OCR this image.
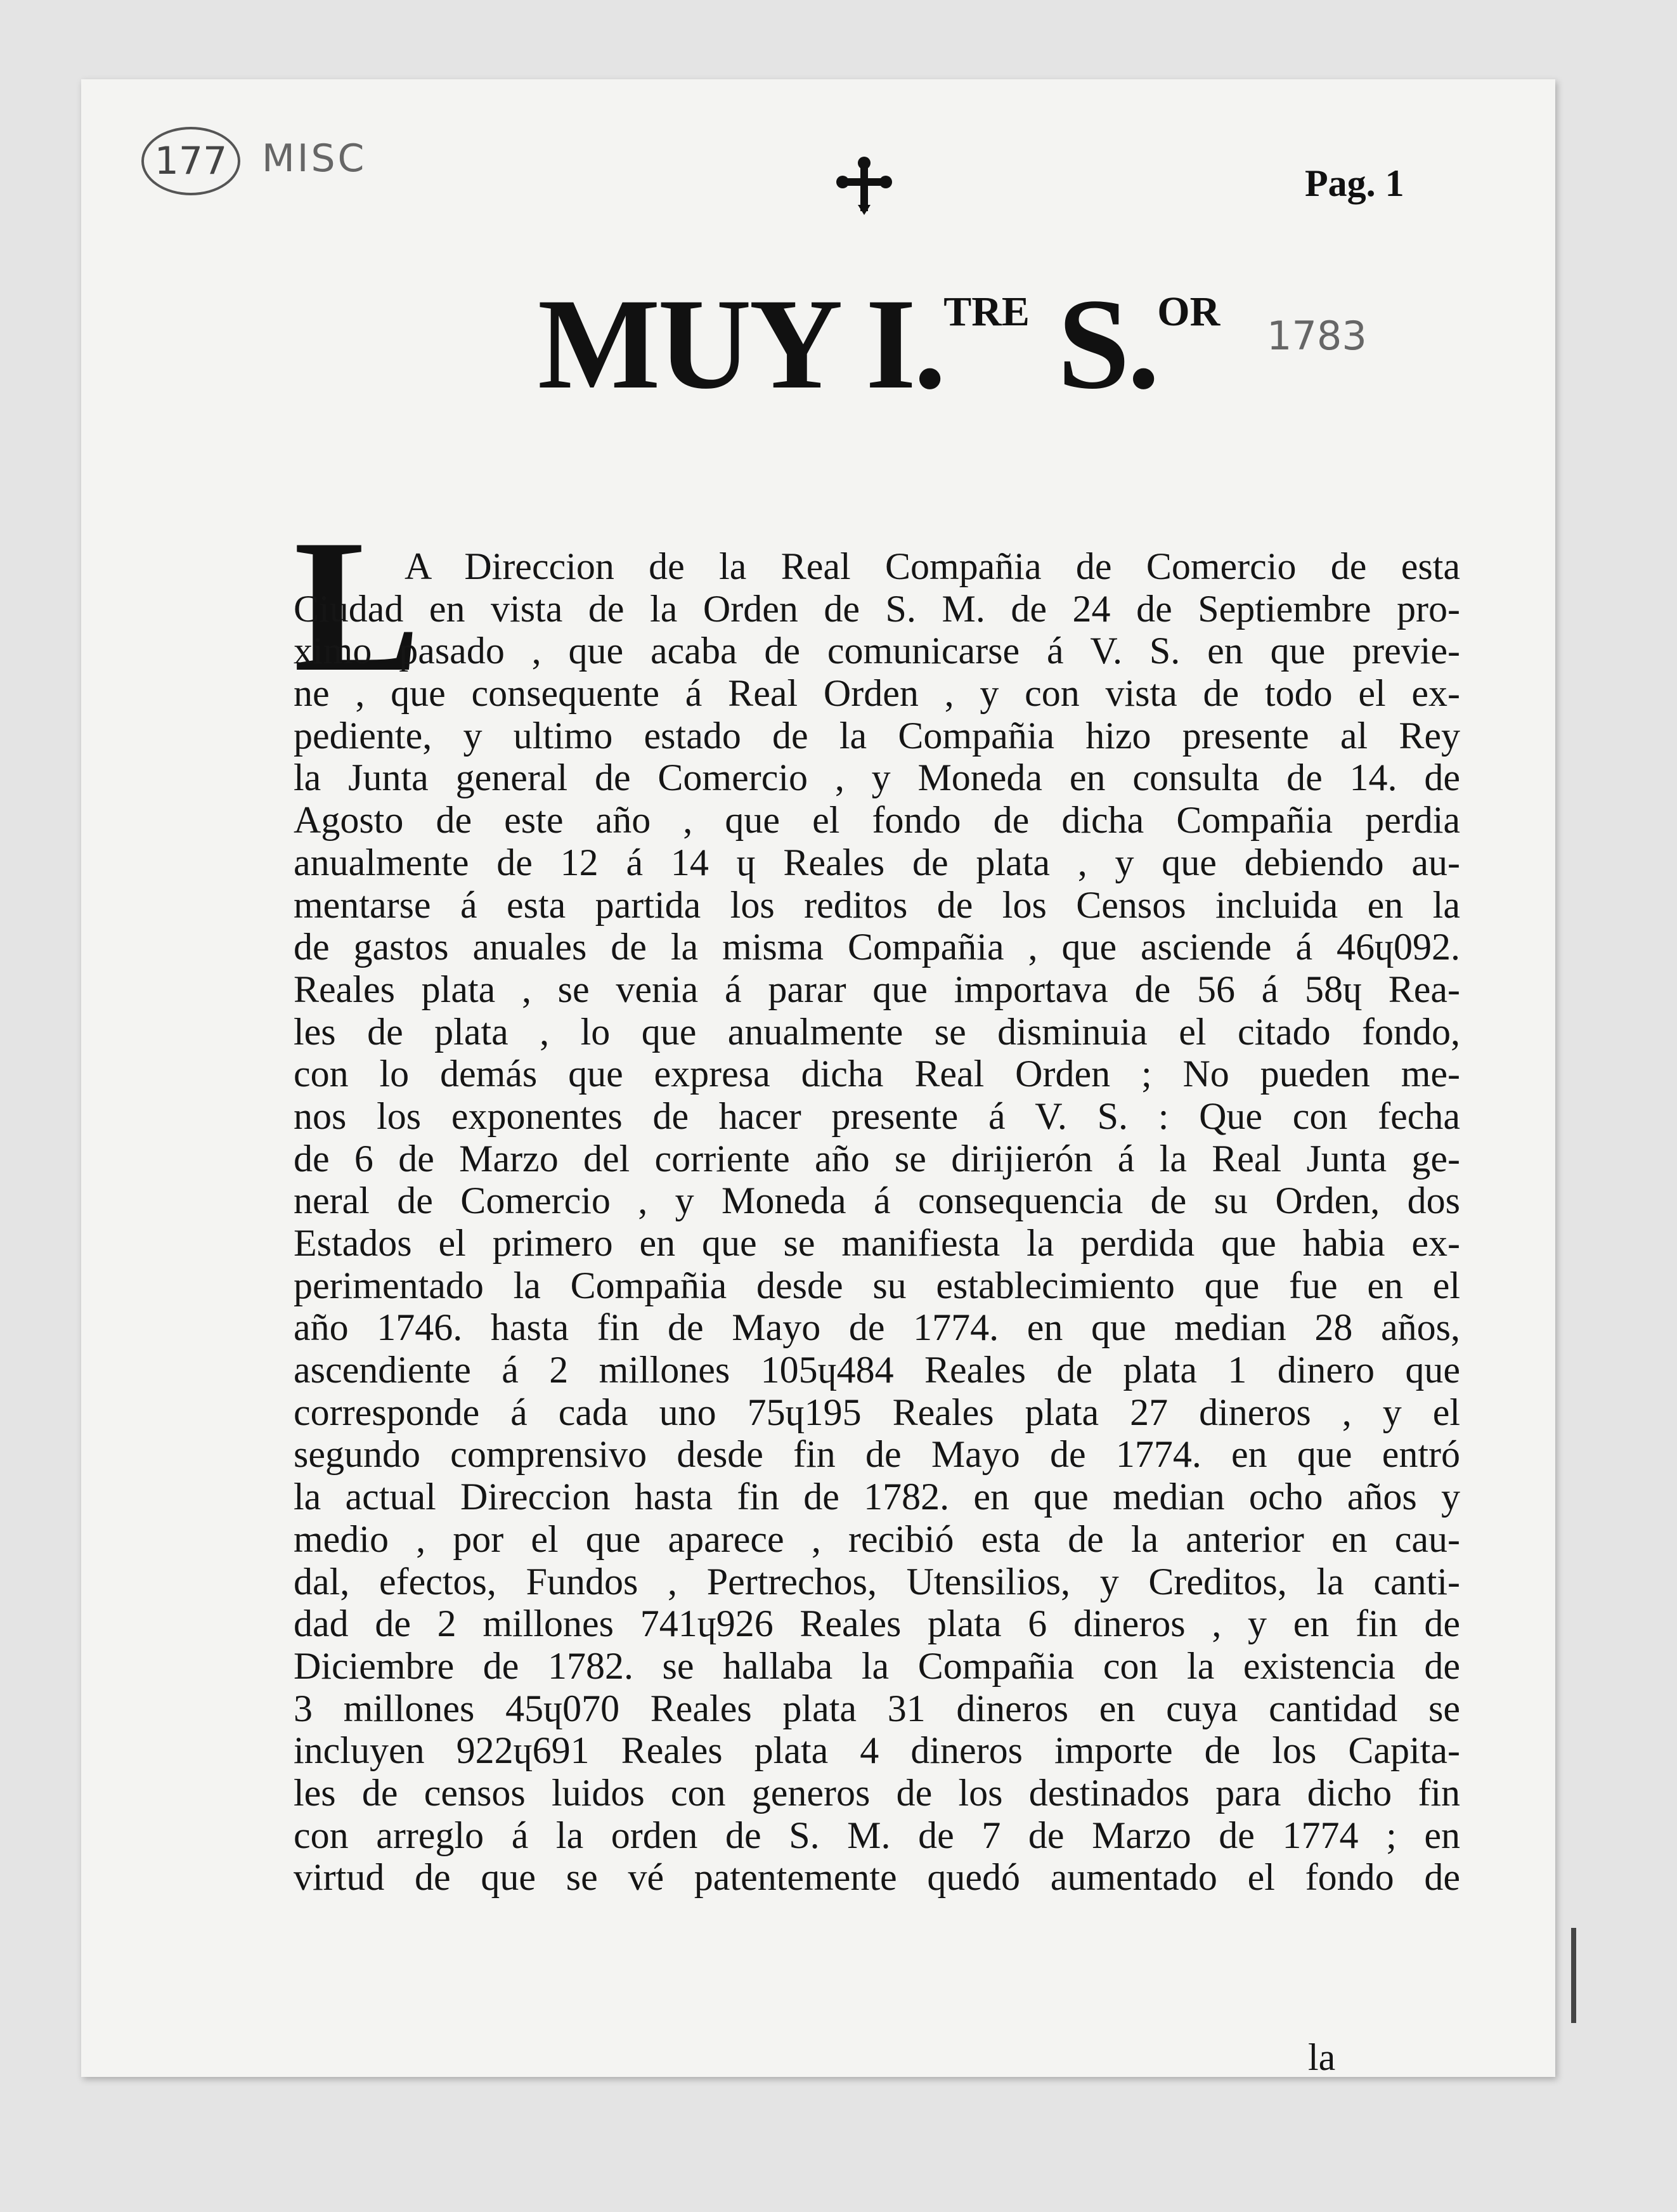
177 MISC
Pag. 1
MUY I.TRE S.OR
1783
L
A Direccion de la Real Compañia de Comercio de esta
Ciudad en vista de la Orden de S. M. de 24 de Septiembre pro-
ximo pasado , que acaba de comunicarse á V. S. en que previe-
ne , que consequente á Real Orden , y con vista de todo el ex-
pediente, y ultimo estado de la Compañia hizo presente al Rey
la Junta general de Comercio , y Moneda en consulta de 14. de
Agosto de este año , que el fondo de dicha Compañia perdia
anualmente de 12 á 14 ɥ Reales de plata , y que debiendo au-
mentarse á esta partida los reditos de los Censos incluida en la
de gastos anuales de la misma Compañia , que asciende á 46ɥ092.
Reales plata , se venia á parar que importava de 56 á 58ɥ Rea-
les de plata , lo que anualmente se disminuia el citado fondo,
con lo demás que expresa dicha Real Orden ; No pueden me-
nos los exponentes de hacer presente á V. S. : Que con fecha
de 6 de Marzo del corriente año se dirijierón á la Real Junta ge-
neral de Comercio , y Moneda á consequencia de su Orden, dos
Estados el primero en que se manifiesta la perdida que habia ex-
perimentado la Compañia desde su establecimiento que fue en el
año 1746. hasta fin de Mayo de 1774. en que median 28 años,
ascendiente á 2 millones 105ɥ484 Reales de plata 1 dinero que
corresponde á cada uno 75ɥ195 Reales plata 27 dineros , y el
segundo comprensivo desde fin de Mayo de 1774. en que entró
la actual Direccion hasta fin de 1782. en que median ocho años y
medio , por el que aparece , recibió esta de la anterior en cau-
dal, efectos, Fundos , Pertrechos, Utensilios, y Creditos, la canti-
dad de 2 millones 741ɥ926 Reales plata 6 dineros , y en fin de
Diciembre de 1782. se hallaba la Compañia con la existencia de
3 millones 45ɥ070 Reales plata 31 dineros en cuya cantidad se
incluyen 922ɥ691 Reales plata 4 dineros importe de los Capita-
les de censos luidos con generos de los destinados para dicho fin
con arreglo á la orden de S. M. de 7 de Marzo de 1774 ; en
virtud de que se vé patentemente quedó aumentado el fondo de
la
